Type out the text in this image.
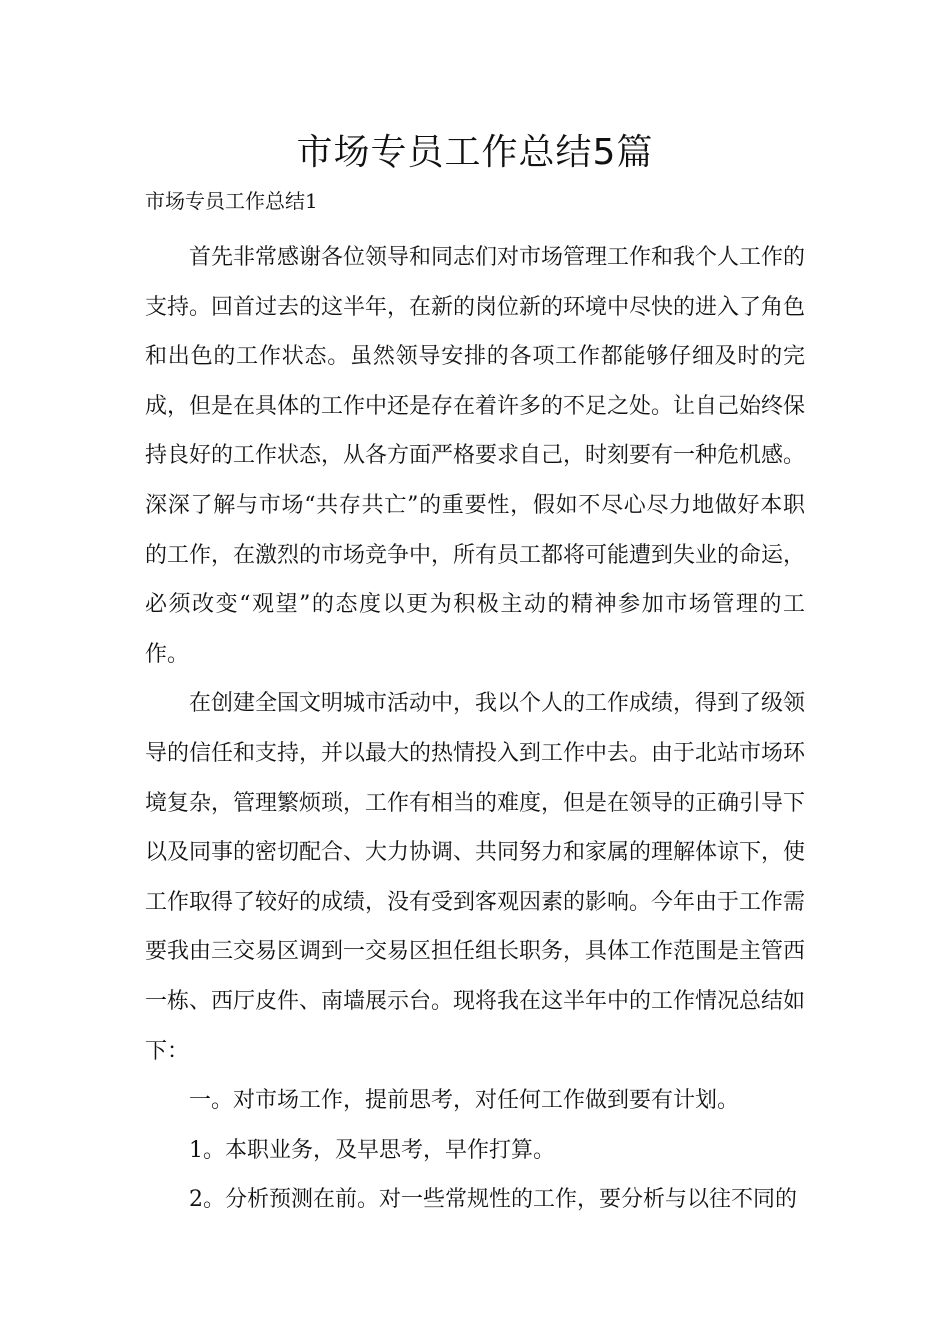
市场专员工作总结5篇
市场专员工作总结1

首先非常感谢各位领导和同志们对市场管理工作和我个人工作的支持。回首过去的这半年，在新的岗位新的环境中尽快的进入了角色和出色的工作状态。虽然领导安排的各项工作都能够仔细及时的完成，但是在具体的工作中还是存在着许多的不足之处。让自己始终保持良好的工作状态，从各方面严格要求自己，时刻要有一种危机感。深深了解与市场“共存共亡”的重要性，假如不尽心尽力地做好本职的工作，在激烈的市场竞争中，所有员工都将可能遭到失业的命运，必须改变“观望”的态度以更为积极主动的精神参加市场管理的工作。

在创建全国文明城市活动中，我以个人的工作成绩，得到了级领导的信任和支持，并以最大的热情投入到工作中去。由于北站市场环境复杂，管理繁烦琐，工作有相当的难度，但是在领导的正确引导下以及同事的密切配合、大力协调、共同努力和家属的理解体谅下，使工作取得了较好的成绩，没有受到客观因素的影响。今年由于工作需要我由三交易区调到一交易区担任组长职务，具体工作范围是主管西一栋、西厅皮件、南墙展示台。现将我在这半年中的工作情况总结如下：

一。对市场工作，提前思考，对任何工作做到要有计划。

1。本职业务，及早思考，早作打算。

2。分析预测在前。对一些常规性的工作，要分析与以往不同的
